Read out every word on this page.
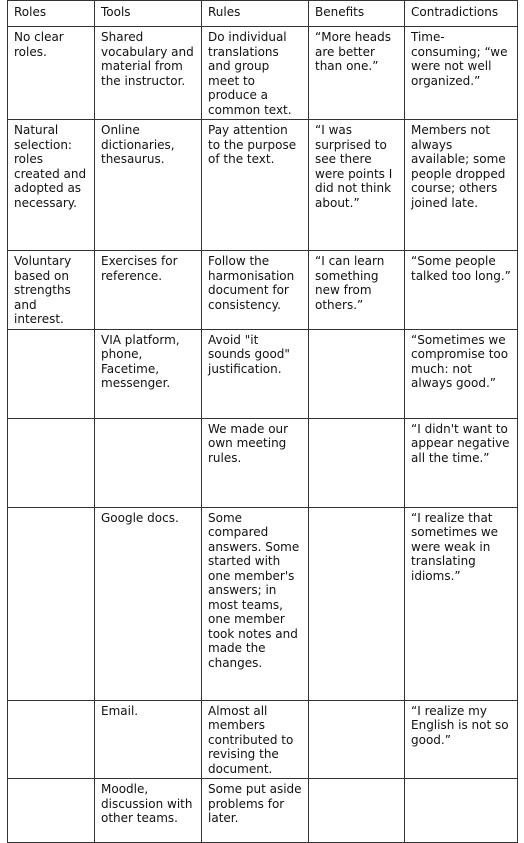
Roles	Tools	Rules	Benefits	Contradictions
No clear roles.	Shared vocabulary and material from the instructor.	Do individual translations and group meet to produce a common text.	“More heads are better than one.”	Time-consuming; “we were not well organized.”
Natural selection: roles created and adopted as necessary.	Online dictionaries, thesaurus.	Pay attention to the purpose of the text.	“I was surprised to see there were points I did not think about.”	Members not always available; some people dropped course; others joined late.
Voluntary based on strengths and interest.	Exercises for reference.	Follow the harmonisation document for consistency.	“I can learn something new from others.”	“Some people talked too long.”
	VIA platform, phone, Facetime, messenger.	Avoid "it sounds good" justification.		“Sometimes we compromise too much: not always good.”
		We made our own meeting rules.		“I didn't want to appear negative all the time.”
	Google docs.	Some compared answers. Some started with one member's answers; in most teams, one member took notes and made the changes.		“I realize that sometimes we were weak in translating idioms.”
	Email.	Almost all members contributed to revising the document.		“I realize my English is not so good.”
	Moodle, discussion with other teams.	Some put aside problems for later.		
